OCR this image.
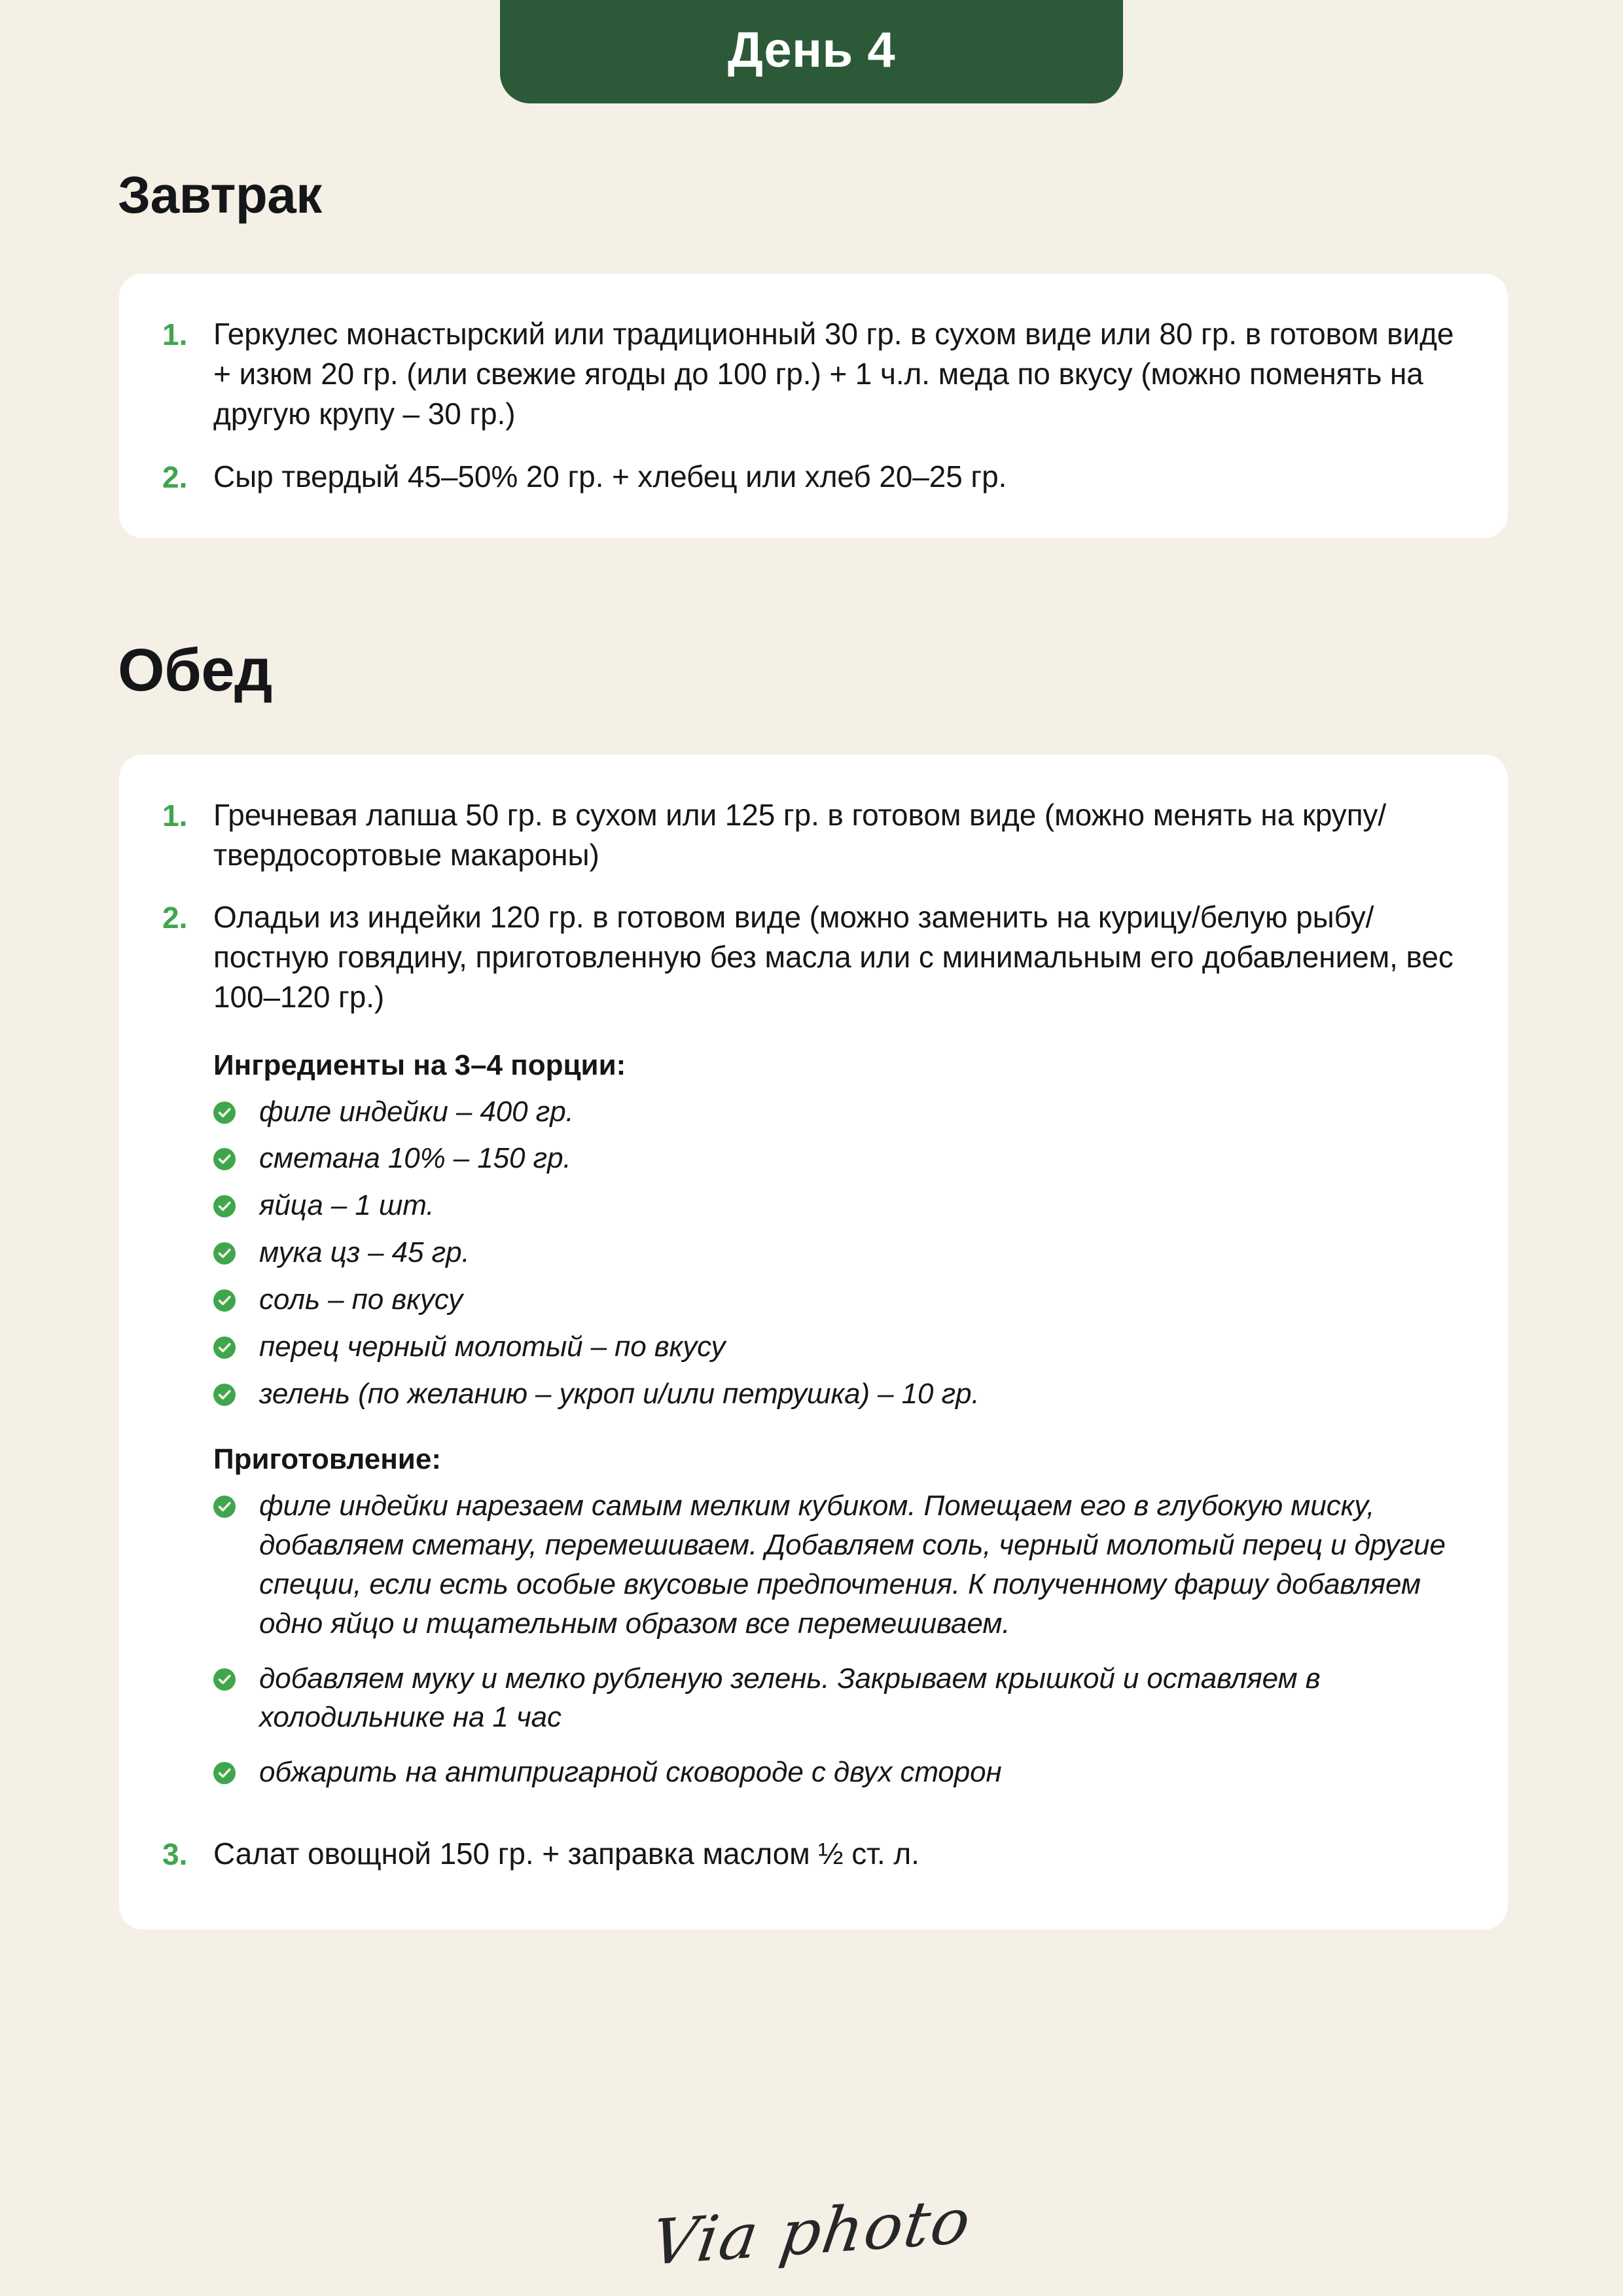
День 4
Завтрак
1. Геркулес монастырский или традиционный 30 гр. в сухом виде или 80 гр. в готовом виде + изюм 20 гр. (или свежие ягоды до 100 гр.) + 1 ч.л. меда по вкусу (можно поменять на другую крупу – 30 гр.)

2. Сыр твердый 45–50% 20 гр. + хлебец или хлеб 20–25 гр.

Обед
1. Гречневая лапша 50 гр. в сухом или 125 гр. в готовом виде (можно менять на крупу/твердосортовые макароны)

2. Оладьи из индейки 120 гр. в готовом виде (можно заменить на курицу/белую рыбу/постную говядину, приготовленную без масла или с минимальным его добавлением, вес 100–120 гр.)

Ингредиенты на 3–4 порции:

филе индейки – 400 гр.

сметана 10% – 150 гр.

яйца – 1 шт.

мука цз – 45 гр.

соль – по вкусу

перец черный молотый – по вкусу

зелень (по желанию – укроп и/или петрушка) – 10 гр.

Приготовление:

филе индейки нарезаем самым мелким кубиком. Помещаем его в глубокую миску, добавляем сметану, перемешиваем. Добавляем соль, черный молотый перец и другие специи, если есть особые вкусовые предпочтения. К полученному фаршу добавляем одно яйцо и тщательным образом все перемешиваем.

добавляем муку и мелко рубленую зелень. Закрываем крышкой и оставляем в холодильнике на 1 час

обжарить на антипригарной сковороде с двух сторон

3. Салат овощной 150 гр. + заправка маслом ½ ст. л.

Via photo
